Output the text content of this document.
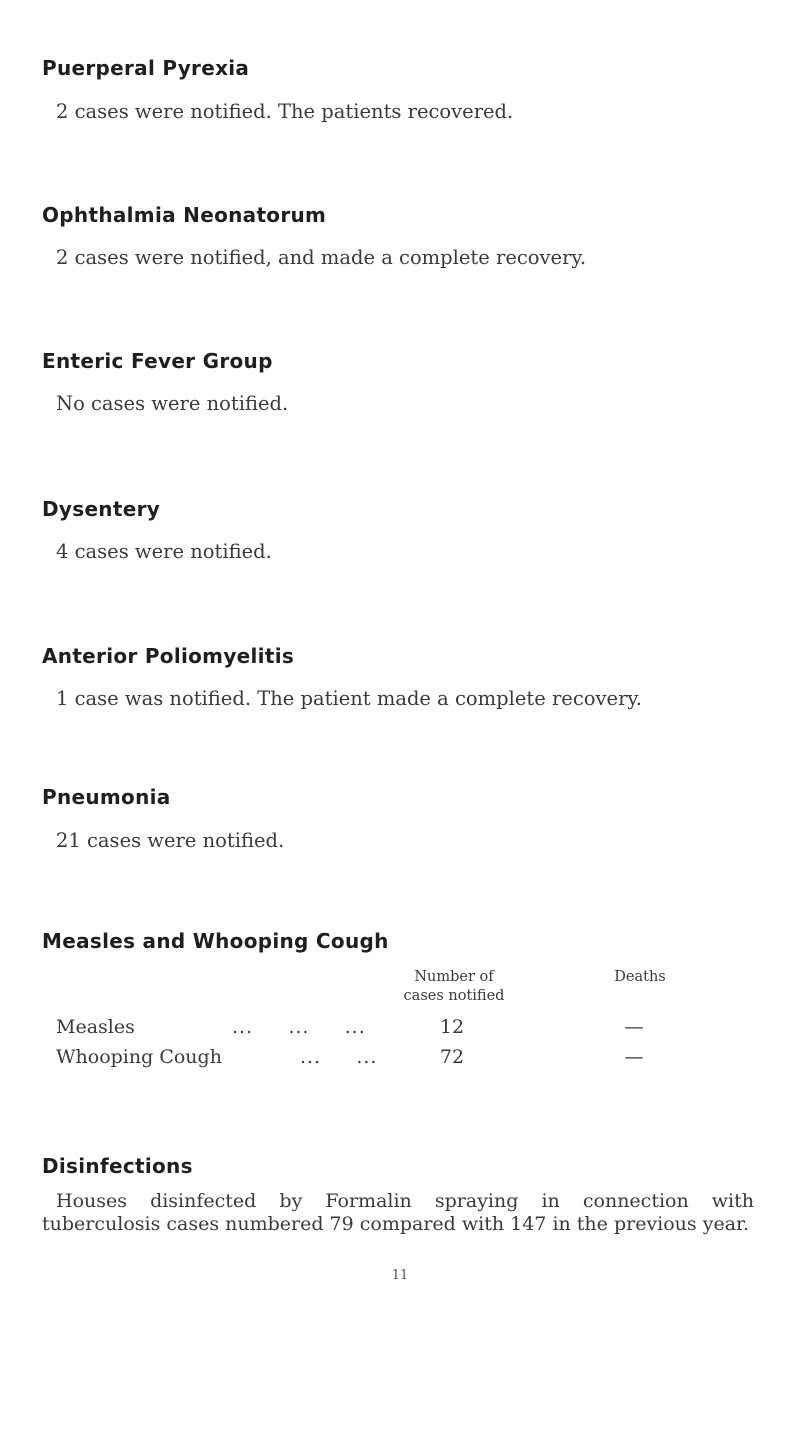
Puerperal Pyrexia

2 cases were notified. The patients recovered.

Ophthalmia Neonatorum

2 cases were notified, and made a complete recovery.

Enteric Fever Group

No cases were notified.

Dysentery

4 cases were notified.

Anterior Poliomyelitis

1 case was notified. The patient made a complete recovery.

Pneumonia

21 cases were notified.

Measles and Whooping Cough
Number of
cases notified
Deaths
Measles	...     ...     ...	12	—
Whooping Cough	...     ...	72	—
Disinfections

Houses disinfected by Formalin spraying in connection with tuberculosis cases numbered 79 compared with 147 in the previous year.

11
